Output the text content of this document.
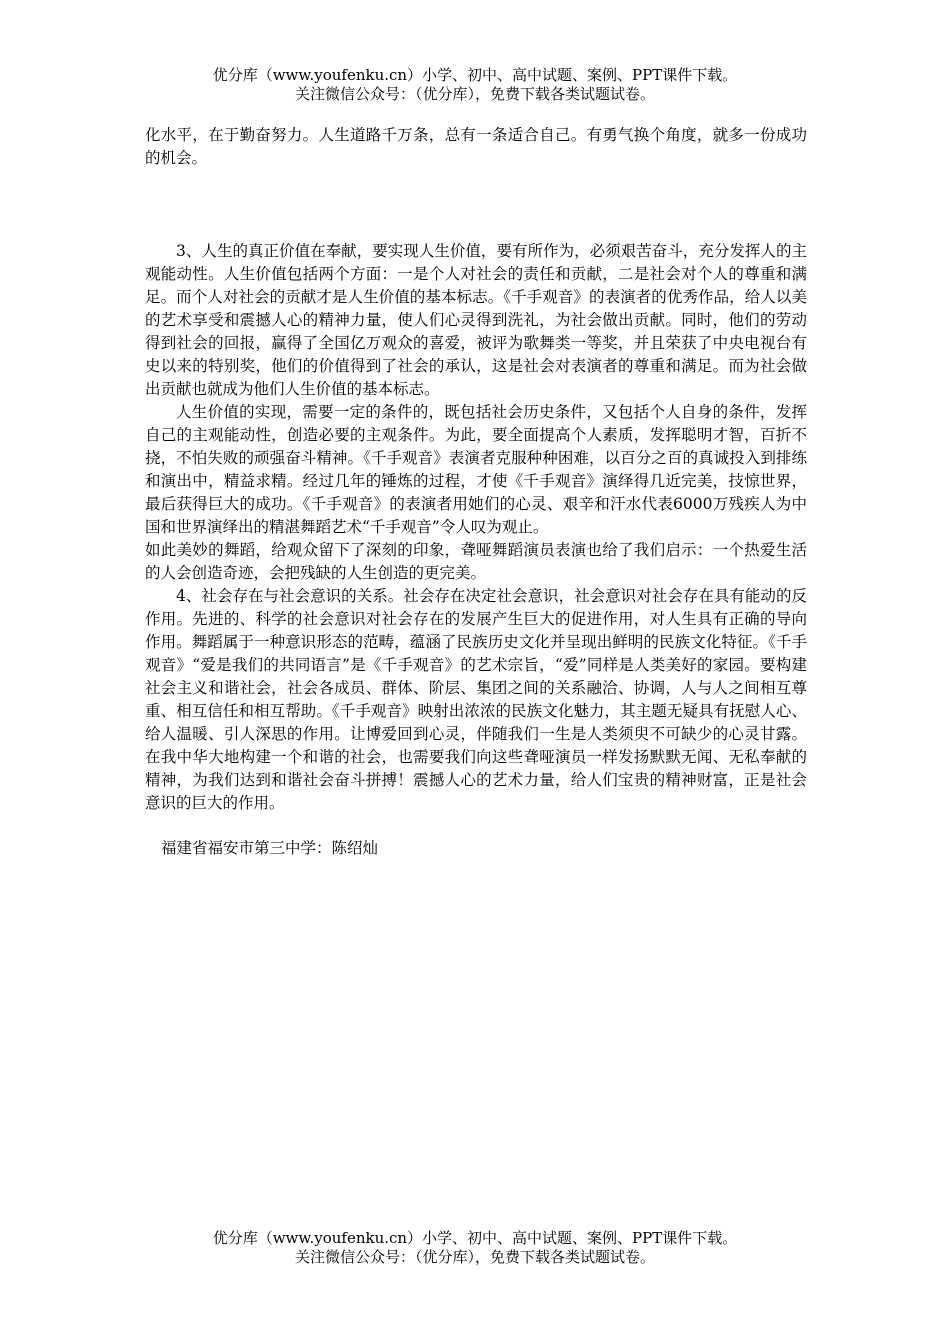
优分库（www.youfenku.cn）小学、初中、高中试题、案例、PPT课件下载。
关注微信公众号：（优分库），免费下载各类试题试卷。

化水平，在于勤奋努力。人生道路千万条，总有一条适合自己。有勇气换个角度，就多一份成功的机会。

3、人生的真正价值在奉献，要实现人生价值，要有所作为，必须艰苦奋斗，充分发挥人的主观能动性。人生价值包括两个方面：一是个人对社会的责任和贡献，二是社会对个人的尊重和满足。而个人对社会的贡献才是人生价值的基本标志。《千手观音》的表演者的优秀作品，给人以美的艺术享受和震撼人心的精神力量，使人们心灵得到洗礼，为社会做出贡献。同时，他们的劳动得到社会的回报，赢得了全国亿万观众的喜爱，被评为歌舞类一等奖，并且荣获了中央电视台有史以来的特别奖，他们的价值得到了社会的承认，这是社会对表演者的尊重和满足。而为社会做出贡献也就成为他们人生价值的基本标志。

人生价值的实现，需要一定的条件的，既包括社会历史条件，又包括个人自身的条件，发挥自己的主观能动性，创造必要的主观条件。为此，要全面提高个人素质，发挥聪明才智，百折不挠，不怕失败的顽强奋斗精神。《千手观音》表演者克服种种困难，以百分之百的真诚投入到排练和演出中，精益求精。经过几年的锤炼的过程，才使《千手观音》演绎得几近完美，技惊世界，最后获得巨大的成功。《千手观音》的表演者用她们的心灵、艰辛和汗水代表6000万残疾人为中国和世界演绎出的精湛舞蹈艺术“千手观音”令人叹为观止。

如此美妙的舞蹈，给观众留下了深刻的印象，聋哑舞蹈演员表演也给了我们启示：一个热爱生活的人会创造奇迹，会把残缺的人生创造的更完美。

4、社会存在与社会意识的关系。社会存在决定社会意识，社会意识对社会存在具有能动的反作用。先进的、科学的社会意识对社会存在的发展产生巨大的促进作用，对人生具有正确的导向作用。舞蹈属于一种意识形态的范畴，蕴涵了民族历史文化并呈现出鲜明的民族文化特征。《千手观音》“爱是我们的共同语言”是《千手观音》的艺术宗旨，“爱”同样是人类美好的家园。要构建社会主义和谐社会，社会各成员、群体、阶层、集团之间的关系融洽、协调，人与人之间相互尊重、相互信任和相互帮助。《千手观音》映射出浓浓的民族文化魅力，其主题无疑具有抚慰人心、给人温暖、引人深思的作用。让博爱回到心灵，伴随我们一生是人类须臾不可缺少的心灵甘露。在我中华大地构建一个和谐的社会，也需要我们向这些聋哑演员一样发扬默默无闻、无私奉献的精神，为我们达到和谐社会奋斗拼搏！震撼人心的艺术力量，给人们宝贵的精神财富，正是社会意识的巨大的作用。

福建省福安市第三中学：陈绍灿

优分库（www.youfenku.cn）小学、初中、高中试题、案例、PPT课件下载。
关注微信公众号：（优分库），免费下载各类试题试卷。
